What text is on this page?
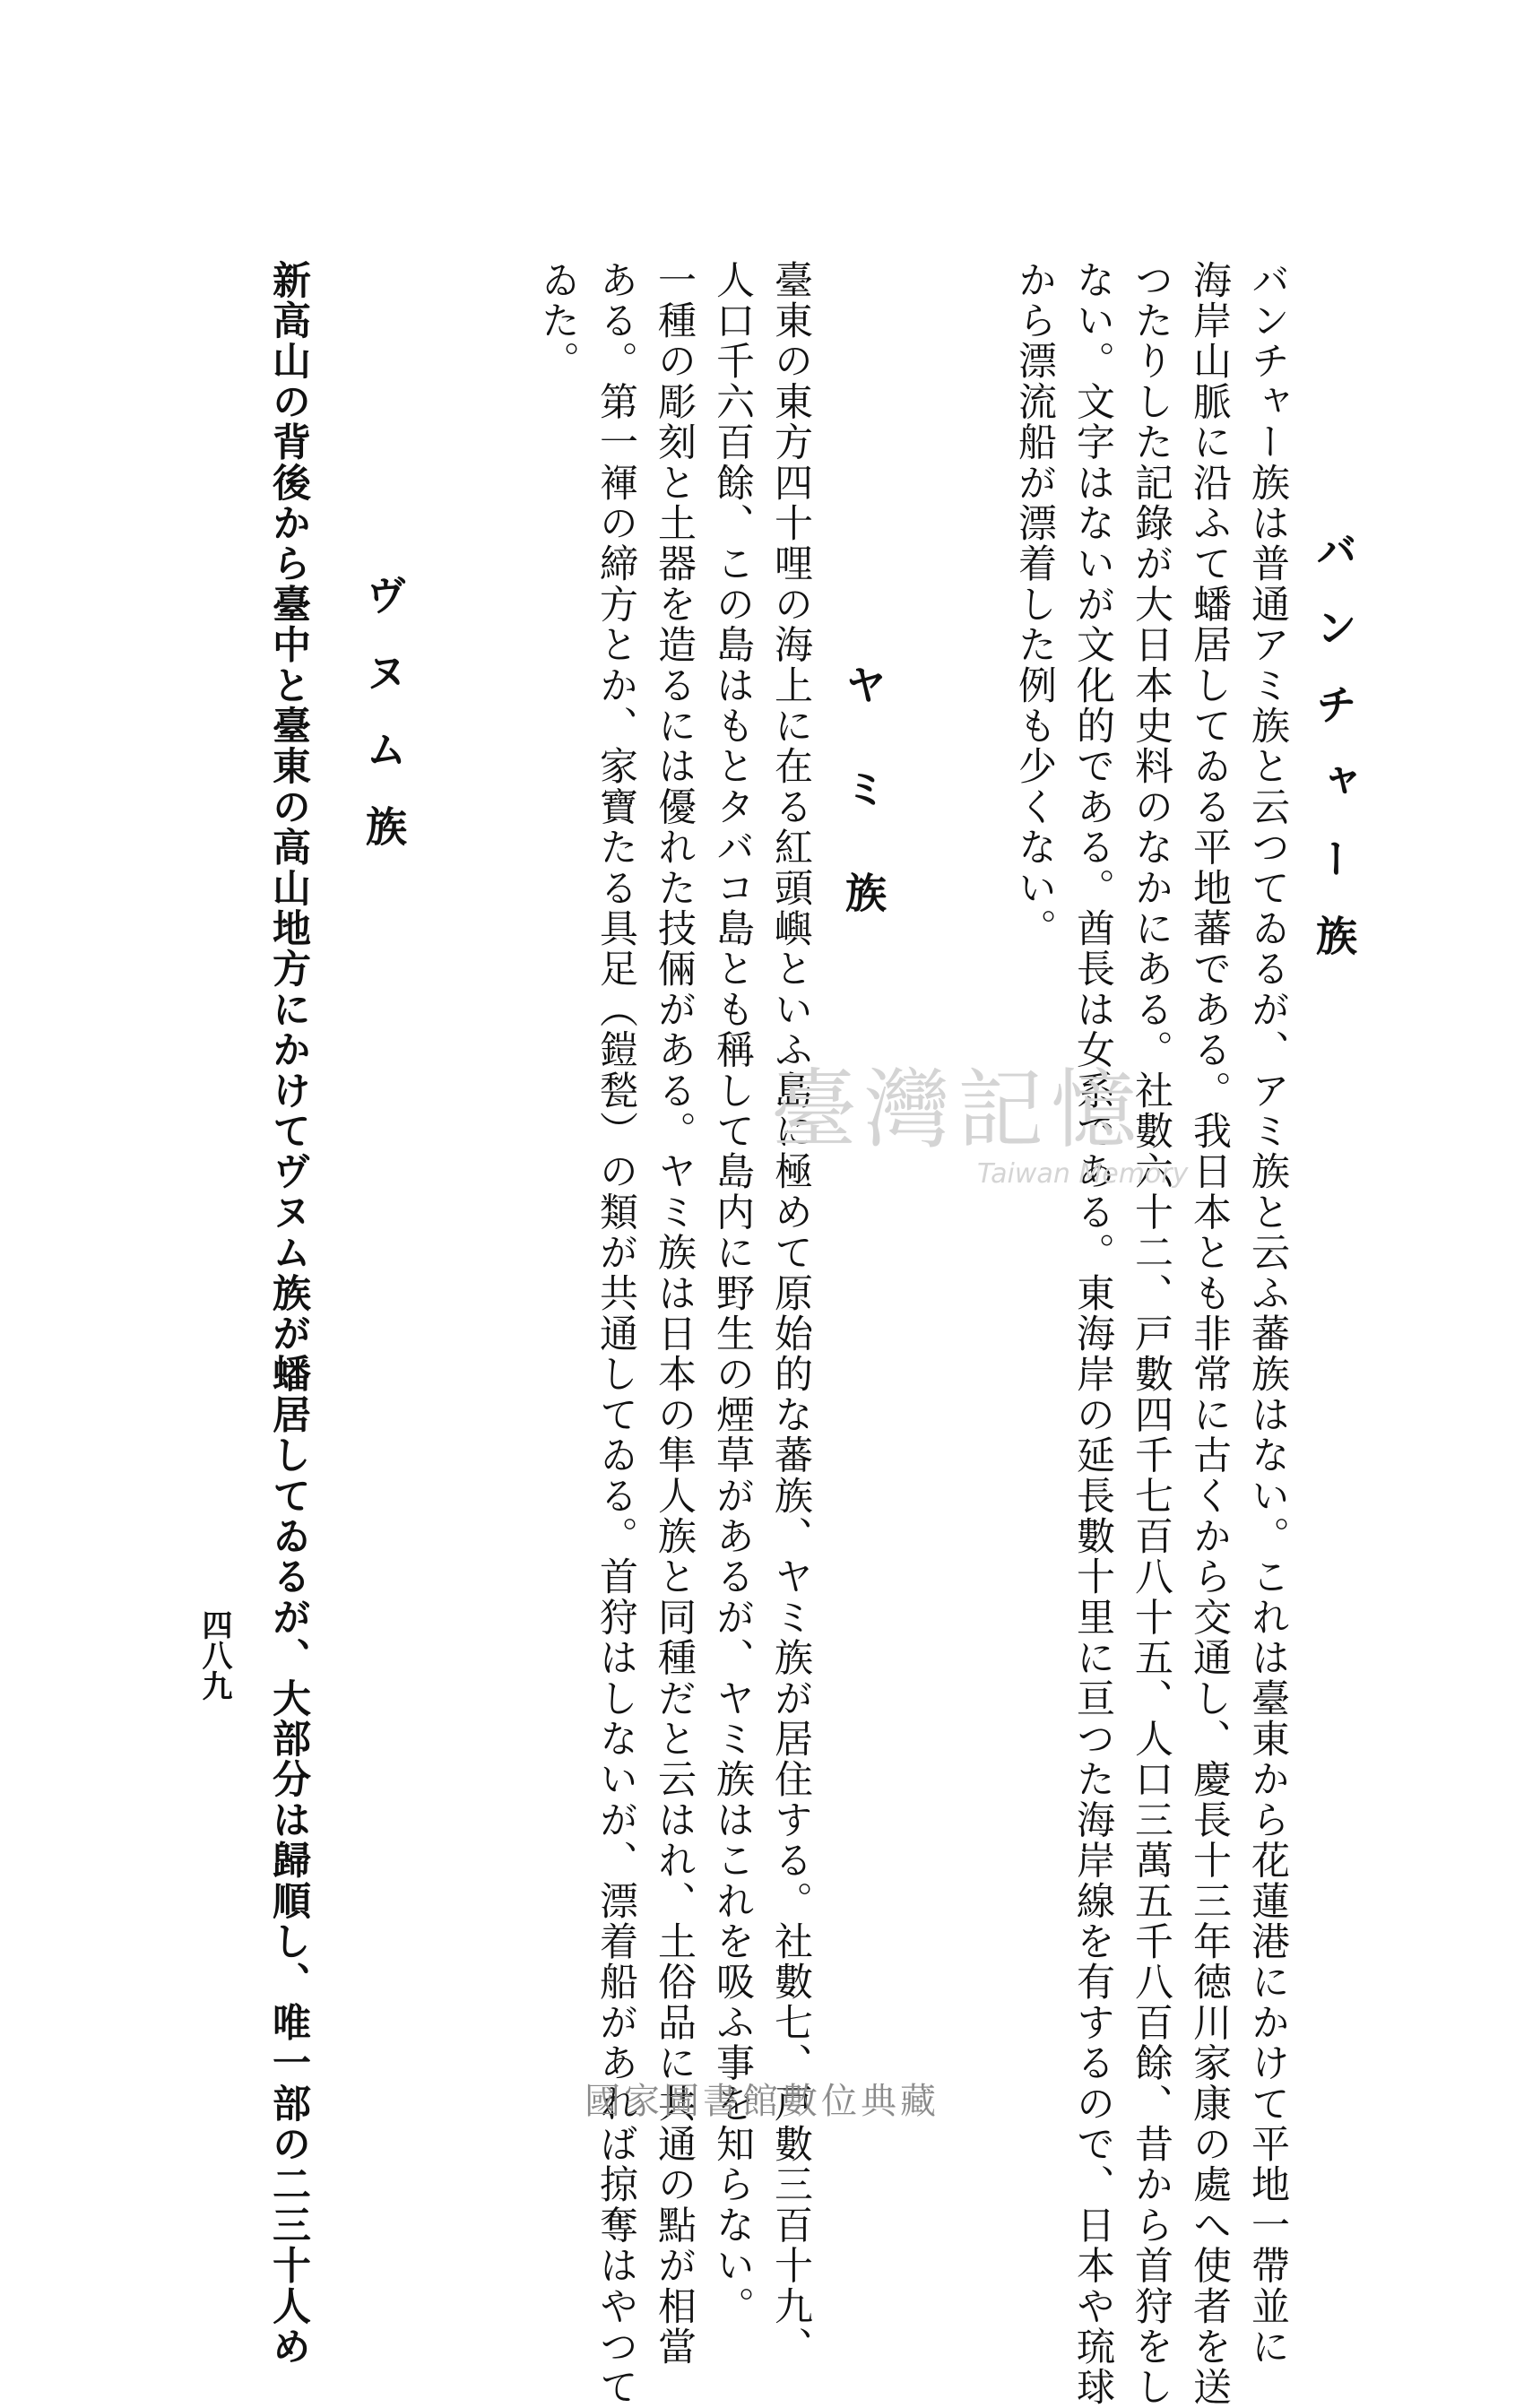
バンチャー族
バンチャー族は普通アミ族と云つてゐるが、アミ族と云ふ蕃族はない。これは臺東から花蓮港にかけて平地一帶並に
海岸山脈に沿ふて蟠居してゐる平地蕃である。我日本とも非常に古くから交通し、慶長十三年徳川家康の處へ使者を送
つたりした記錄が大日本史料のなかにある。社數六十二、戸數四千七百八十五、人口三萬五千八百餘、昔から首狩をし
ない。文字はないが文化的である。酋長は女系である。東海岸の延長數十里に亘つた海岸線を有するので、日本や琉球
から漂流船が漂着した例も少くない。
ヤミ族
臺東の東方四十哩の海上に在る紅頭嶼といふ島に極めて原始的な蕃族、ヤミ族が居住する。社數七、戸數三百十九、
人口千六百餘、この島はもとタバコ島とも稱して島内に野生の煙草があるが、ヤミ族はこれを吸ふ事を知らない。
一種の彫刻と土器を造るには優れた技倆がある。ヤミ族は日本の隼人族と同種だと云はれ、土俗品に共通の點が相當
ある。第一褌の締方とか、家寶たる具足（鎧甃）の類が共通してゐる。首狩はしないが、漂着船があれば掠奪はやつて
ゐた。
ヴヌム族
新高山の背後から臺中と臺東の高山地方にかけてヴヌム族が蟠居してゐるが、大部分は歸順し、唯一部の二三十人め
四八九
臺灣記憶
Taiwan Memory
國家圖書館數位典藏
